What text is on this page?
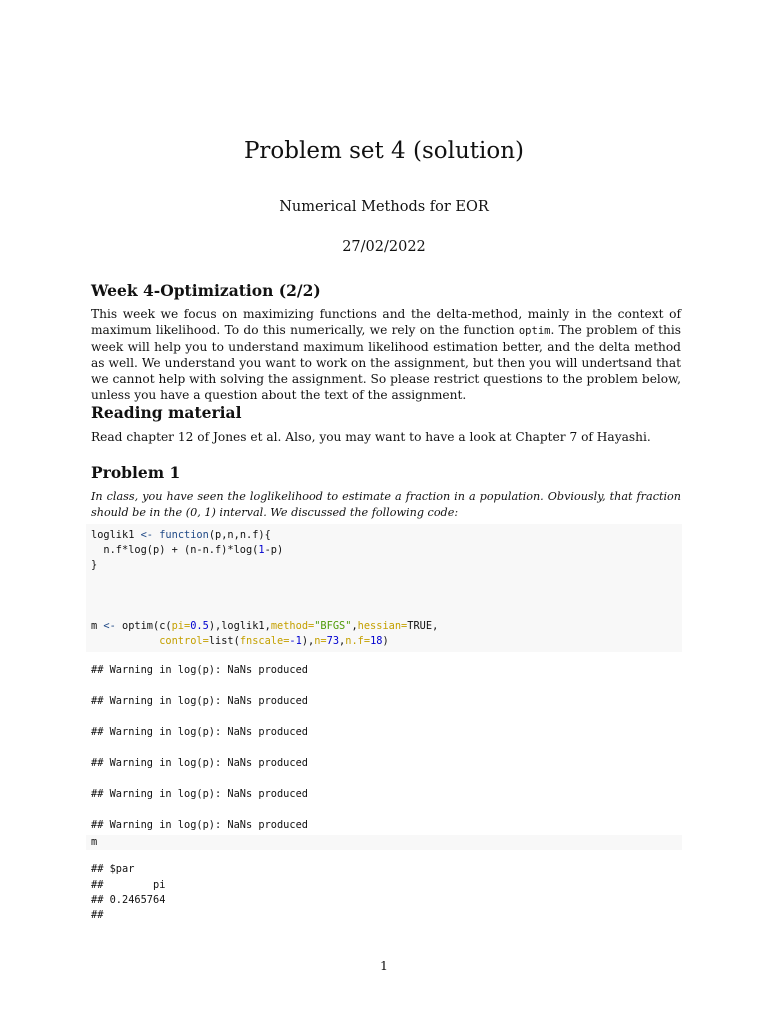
Problem set 4 (solution)
Numerical Methods for EOR
27/02/2022
Week 4-Optimization (2/2)
This week we focus on maximizing functions and the delta-method, mainly in the context of maximum likelihood. To do this numerically, we rely on the function optim. The problem of this week will help you to understand maximum likelihood estimation better, and the delta method as well. We understand you want to work on the assignment, but then you will undertsand that we cannot help with solving the assignment. So please restrict questions to the problem below, unless you have a question about the text of the assignment.
Reading material
Read chapter 12 of Jones et al. Also, you may want to have a look at Chapter 7 of Hayashi.
Problem 1
In class, you have seen the loglikelihood to estimate a fraction in a population. Obviously, that fraction should be in the (0, 1) interval. We discussed the following code:
loglik1 <- function(p,n,n.f){
n.f*log(p) + (n-n.f)*log(1-p)
}
m <- optim(c(pi=0.5),loglik1,method="BFGS",hessian=TRUE,
control=list(fnscale=-1),n=73,n.f=18)
## Warning in log(p): NaNs produced
## Warning in log(p): NaNs produced
## Warning in log(p): NaNs produced
## Warning in log(p): NaNs produced
## Warning in log(p): NaNs produced
## Warning in log(p): NaNs produced
m
## $par
##        pi
## 0.2465764
##
1
